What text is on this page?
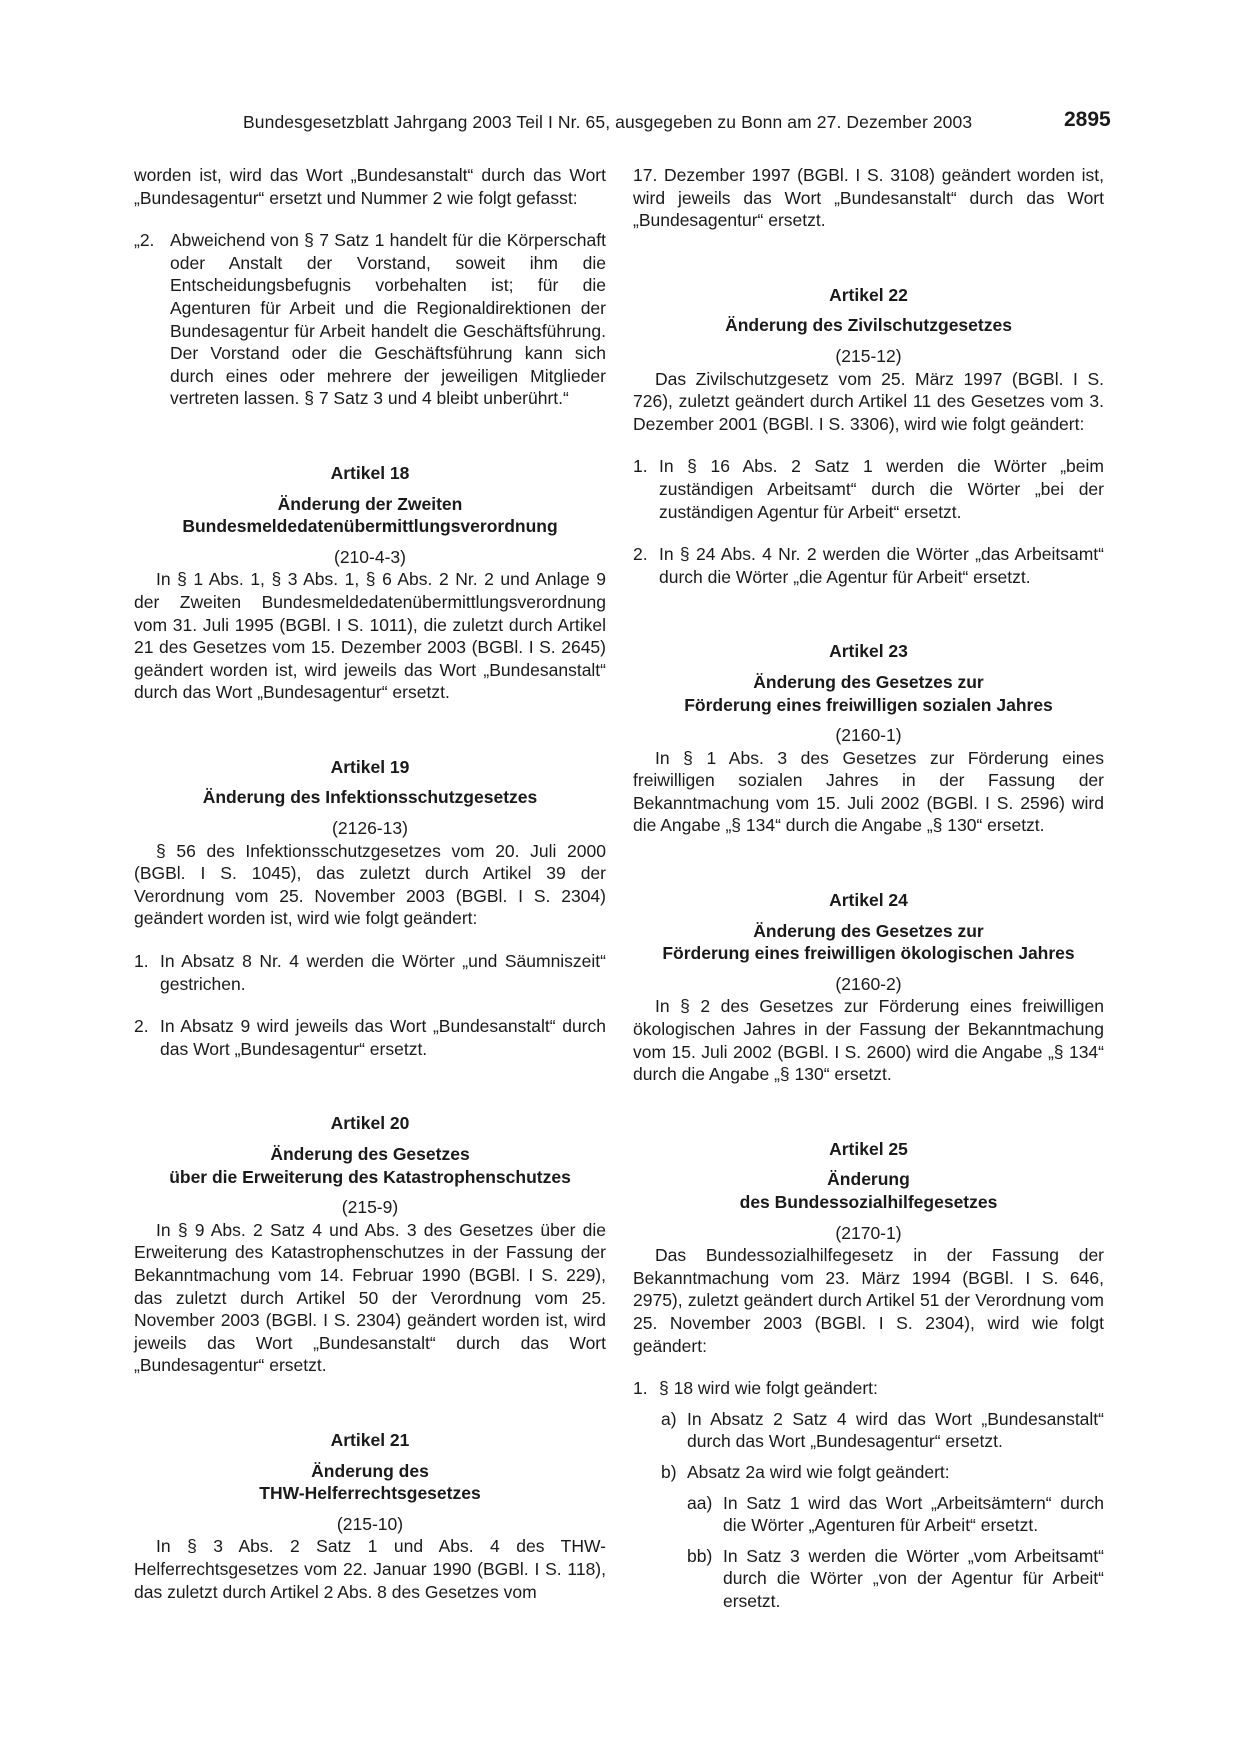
Bundesgesetzblatt Jahrgang 2003 Teil I Nr. 65, ausgegeben zu Bonn am 27. Dezember 2003	2895

worden ist, wird das Wort „Bundesanstalt“ durch das Wort „Bundesagentur“ ersetzt und Nummer 2 wie folgt gefasst:

„2. Abweichend von § 7 Satz 1 handelt für die Körperschaft oder Anstalt der Vorstand, soweit ihm die Entscheidungsbefugnis vorbehalten ist; für die Agenturen für Arbeit und die Regionaldirektionen der Bundesagentur für Arbeit handelt die Geschäftsführung. Der Vorstand oder die Geschäftsführung kann sich durch eines oder mehrere der jeweiligen Mitglieder vertreten lassen. § 7 Satz 3 und 4 bleibt unberührt.“
Artikel 18
Änderung der Zweiten
Bundesmeldedatenübermittlungsverordnung
(210-4-3)

In § 1 Abs. 1, § 3 Abs. 1, § 6 Abs. 2 Nr. 2 und Anlage 9 der Zweiten Bundesmeldedatenübermittlungsverordnung vom 31. Juli 1995 (BGBl. I S. 1011), die zuletzt durch Artikel 21 des Gesetzes vom 15. Dezember 2003 (BGBl. I S. 2645) geändert worden ist, wird jeweils das Wort „Bundesanstalt“ durch das Wort „Bundesagentur“ ersetzt.

Artikel 19
Änderung des Infektionsschutzgesetzes
(2126-13)

§ 56 des Infektionsschutzgesetzes vom 20. Juli 2000 (BGBl. I S. 1045), das zuletzt durch Artikel 39 der Verordnung vom 25. November 2003 (BGBl. I S. 2304) geändert worden ist, wird wie folgt geändert:

1. In Absatz 8 Nr. 4 werden die Wörter „und Säumniszeit“ gestrichen.
2. In Absatz 9 wird jeweils das Wort „Bundesanstalt“ durch das Wort „Bundesagentur“ ersetzt.
Artikel 20
Änderung des Gesetzes
über die Erweiterung des Katastrophenschutzes
(215-9)

In § 9 Abs. 2 Satz 4 und Abs. 3 des Gesetzes über die Erweiterung des Katastrophenschutzes in der Fassung der Bekanntmachung vom 14. Februar 1990 (BGBl. I S. 229), das zuletzt durch Artikel 50 der Verordnung vom 25. November 2003 (BGBl. I S. 2304) geändert worden ist, wird jeweils das Wort „Bundesanstalt“ durch das Wort „Bundesagentur“ ersetzt.

Artikel 21
Änderung des
THW-Helferrechtsgesetzes
(215-10)

In § 3 Abs. 2 Satz 1 und Abs. 4 des THW-Helferrechtsgesetzes vom 22. Januar 1990 (BGBl. I S. 118), das zuletzt durch Artikel 2 Abs. 8 des Gesetzes vom

17. Dezember 1997 (BGBl. I S. 3108) geändert worden ist, wird jeweils das Wort „Bundesanstalt“ durch das Wort „Bundesagentur“ ersetzt.

Artikel 22
Änderung des Zivilschutzgesetzes
(215-12)

Das Zivilschutzgesetz vom 25. März 1997 (BGBl. I S. 726), zuletzt geändert durch Artikel 11 des Gesetzes vom 3. Dezember 2001 (BGBl. I S. 3306), wird wie folgt geändert:

1. In § 16 Abs. 2 Satz 1 werden die Wörter „beim zuständigen Arbeitsamt“ durch die Wörter „bei der zuständigen Agentur für Arbeit“ ersetzt.
2. In § 24 Abs. 4 Nr. 2 werden die Wörter „das Arbeitsamt“ durch die Wörter „die Agentur für Arbeit“ ersetzt.
Artikel 23
Änderung des Gesetzes zur
Förderung eines freiwilligen sozialen Jahres
(2160-1)

In § 1 Abs. 3 des Gesetzes zur Förderung eines freiwilligen sozialen Jahres in der Fassung der Bekanntmachung vom 15. Juli 2002 (BGBl. I S. 2596) wird die Angabe „§ 134“ durch die Angabe „§ 130“ ersetzt.

Artikel 24
Änderung des Gesetzes zur
Förderung eines freiwilligen ökologischen Jahres
(2160-2)

In § 2 des Gesetzes zur Förderung eines freiwilligen ökologischen Jahres in der Fassung der Bekanntmachung vom 15. Juli 2002 (BGBl. I S. 2600) wird die Angabe „§ 134“ durch die Angabe „§ 130“ ersetzt.

Artikel 25
Änderung
des Bundessozialhilfegesetzes
(2170-1)

Das Bundessozialhilfegesetz in der Fassung der Bekanntmachung vom 23. März 1994 (BGBl. I S. 646, 2975), zuletzt geändert durch Artikel 51 der Verordnung vom 25. November 2003 (BGBl. I S. 2304), wird wie folgt geändert:

1. § 18 wird wie folgt geändert:
a) In Absatz 2 Satz 4 wird das Wort „Bundesanstalt“ durch das Wort „Bundesagentur“ ersetzt.
b) Absatz 2a wird wie folgt geändert:
aa) In Satz 1 wird das Wort „Arbeitsämtern“ durch die Wörter „Agenturen für Arbeit“ ersetzt.
bb) In Satz 3 werden die Wörter „vom Arbeitsamt“ durch die Wörter „von der Agentur für Arbeit“ ersetzt.
